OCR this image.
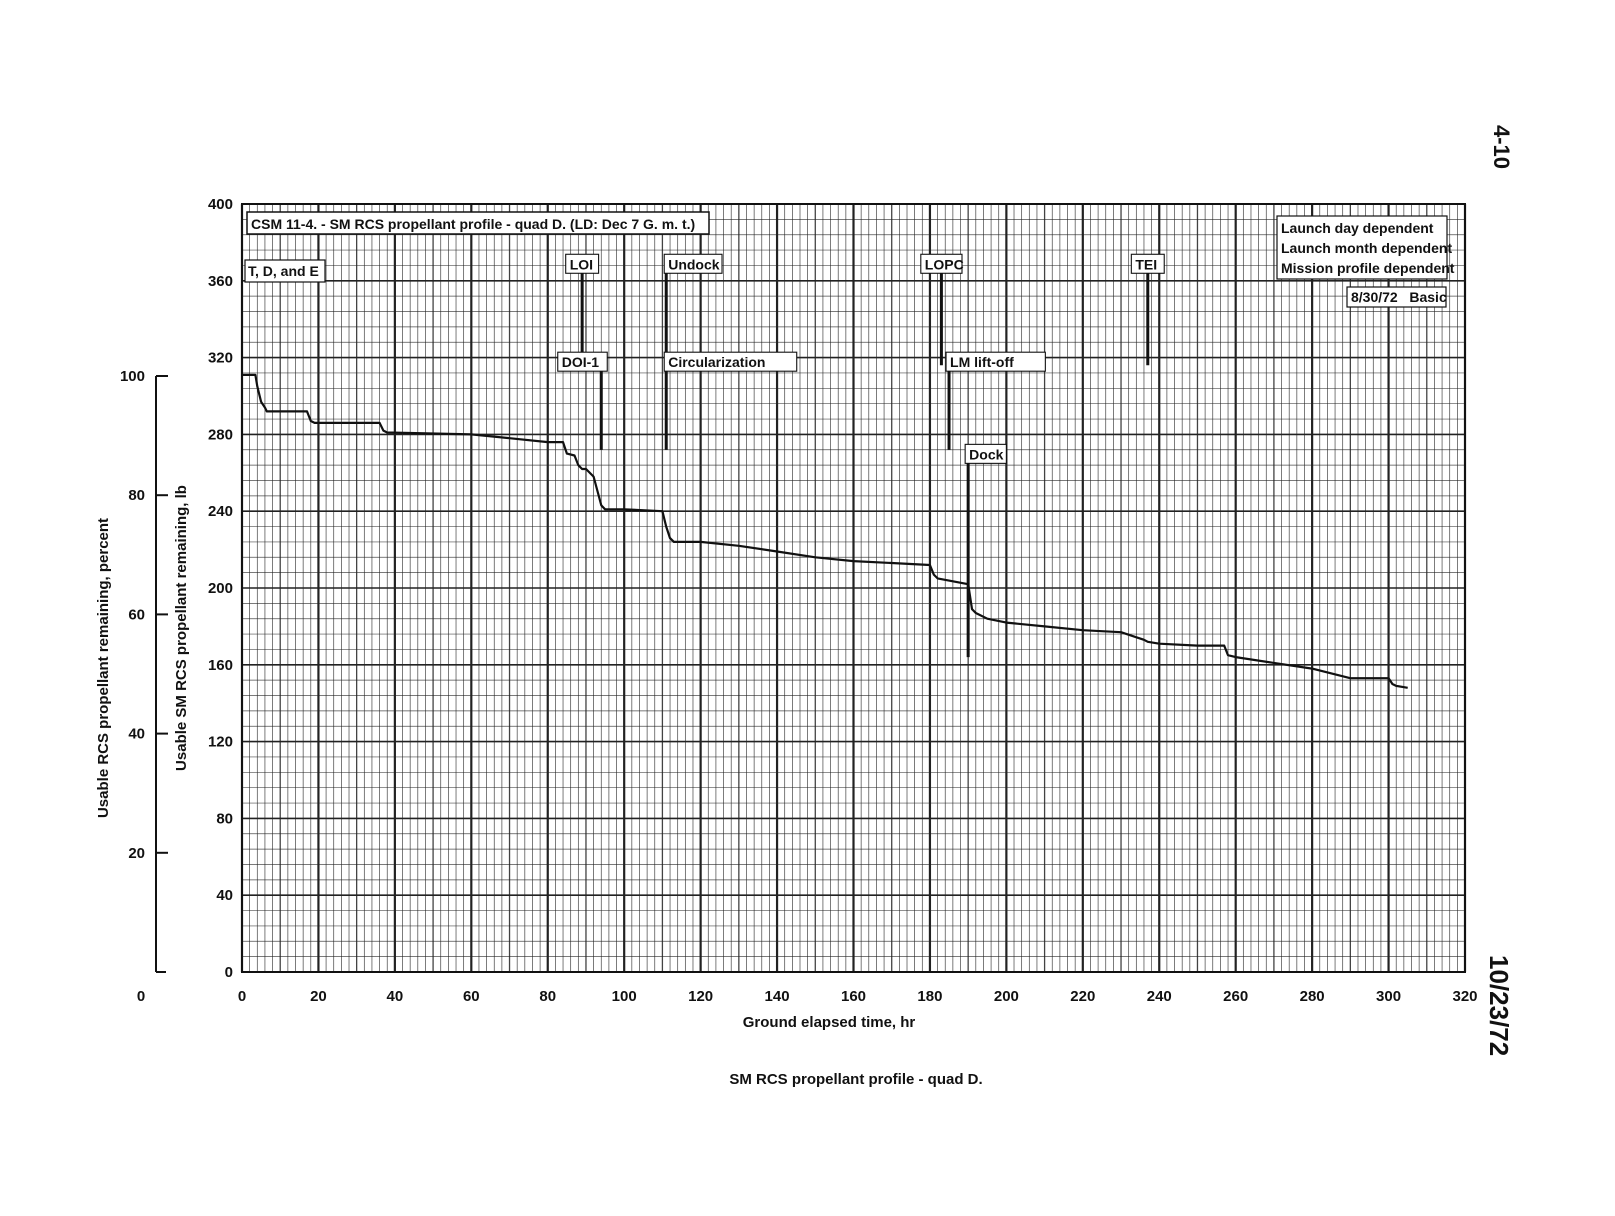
4-10
10/23/72
Usable RCS propellant remaining, percent	Usable SM RCS propellant remaining, lb
Ground elapsed time, hr
SM RCS propellant profile - quad D.
0
20
40
60
80
100
0	20	40	60	80	100	120	140	160	180	200	220	240	260	280	300	320
0
40
80
120
160
200
240
280
320
360
400
LOI
DOI-1
Undock
Circularization
LOPC
LM lift-off
Dock
TEI
CSM 11-4. - SM RCS propellant profile - quad D. (LD: Dec 7 G. m. t.)
T, D, and E
Launch day dependent
Launch month dependent
Mission profile dependent
8/30/72   Basic
